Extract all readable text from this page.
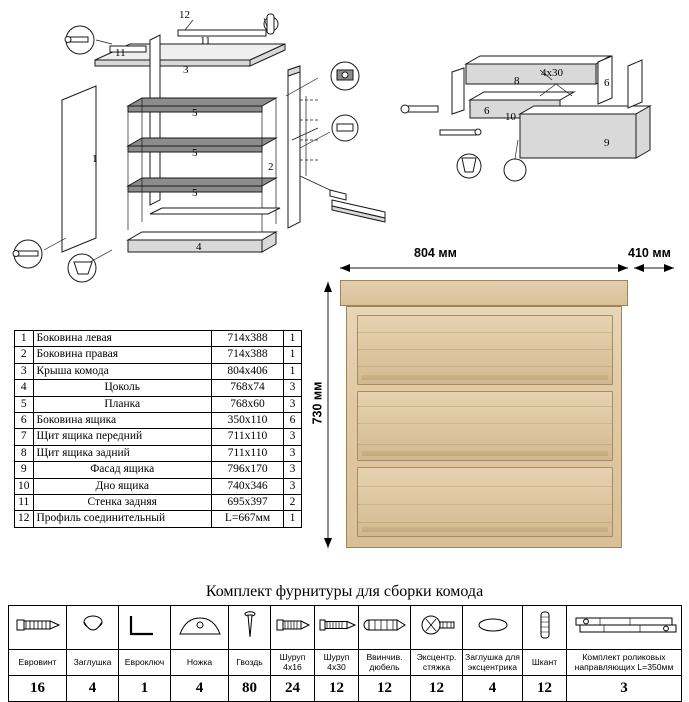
12
11
11
3
5
5
5
1
2
4
8
4х30
6
6 10
9
804 мм	410 мм
730 мм
1	Боковина левая	714х388	1
2	Боковина правая	714х388	1
3	Крыша комода	804х406	1
4	Цоколь	768х74	3
5	Планка	768х60	3
6	Боковина ящика	350х110	6
7	Щит ящика передний	711х110	3
8	Щит ящика задний	711х110	3
9	Фасад ящика	796х170	3
10	Дно ящика	740х346	3
11	Стенка задняя	695х397	2
12	Профиль соединительный	L=667мм	1
Комплект фурнитуры для сборки комода

Евровинт	Заглушка	Евроключ	Ножка	Гвоздь	Шуруп 4х16	Шуруп 4х30	Ввинчив. дюбель	Эксцентр. стяжка	Заглушка для эксцентрика	Шкант	Комплект роликовых направляющих L=350мм
16	4	1	4	80	24	12	12	12	4	12	3
